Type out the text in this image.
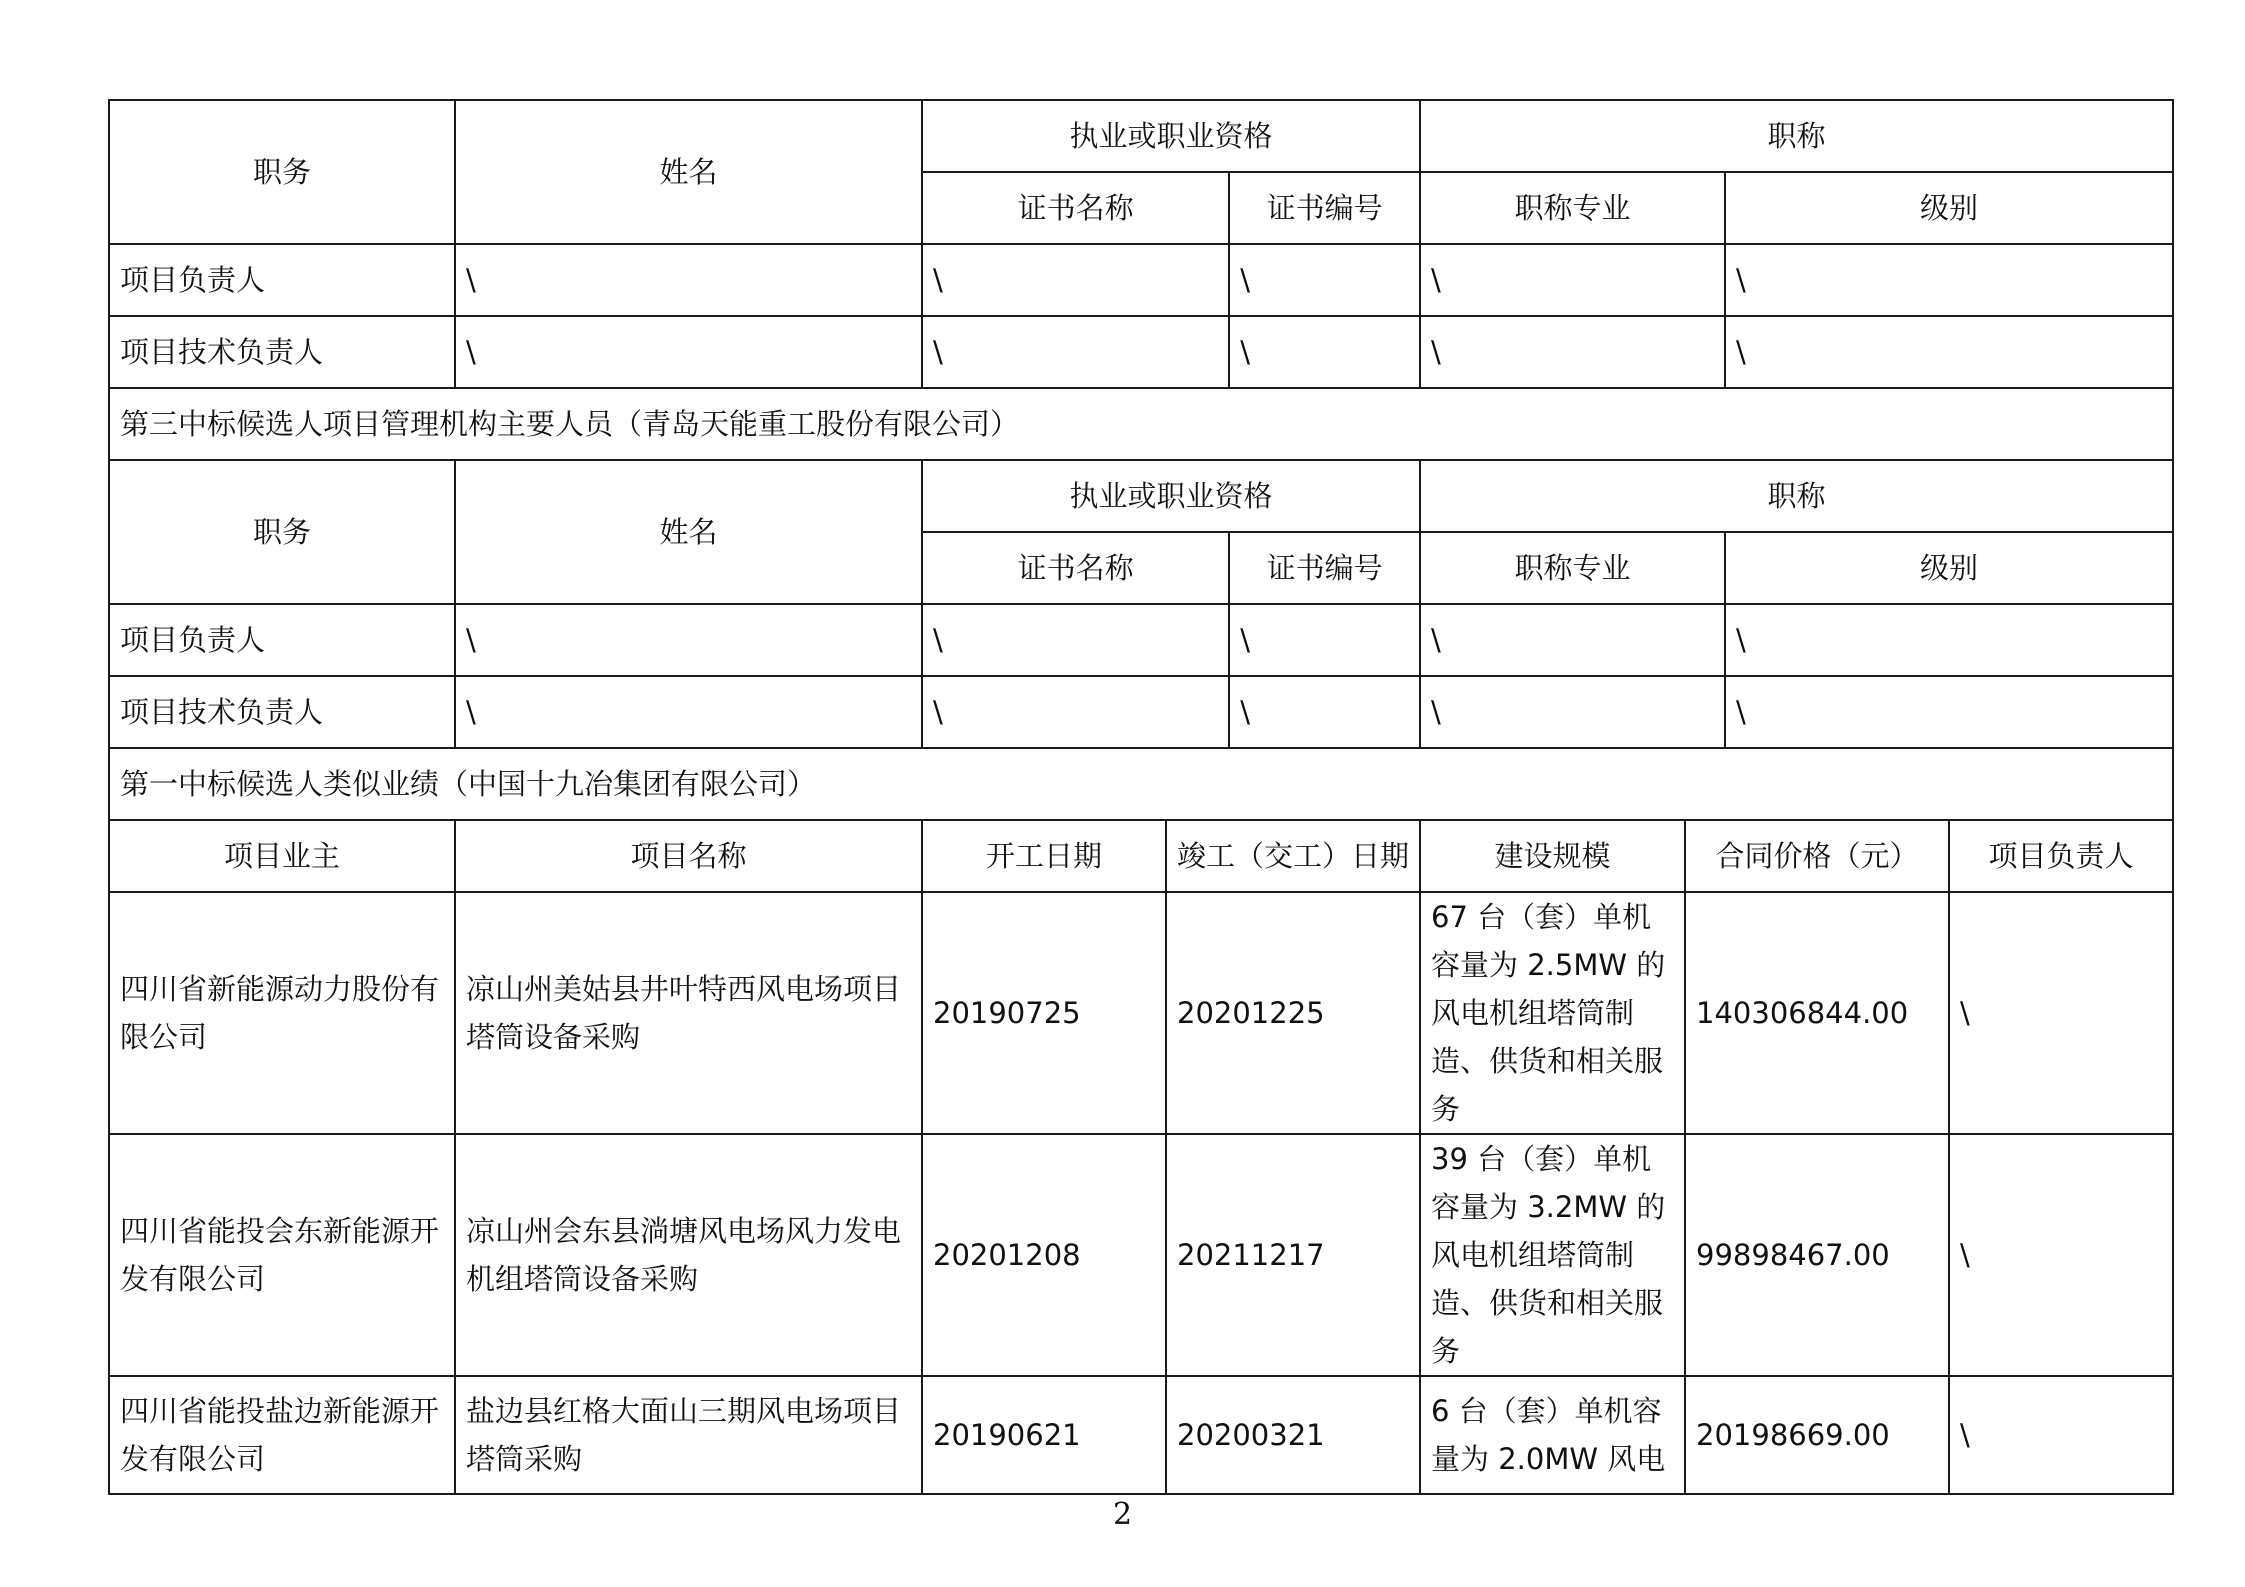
职务	姓名	执业或职业资格			职称			
		证书名称		证书编号	职称专业		级别	
项目负责人	\	\		\	\		\	
项目技术负责人	\	\		\	\		\	
第三中标候选人项目管理机构主要人员（青岛天能重工股份有限公司）								
职务	姓名	执业或职业资格			职称			
		证书名称		证书编号	职称专业		级别	
项目负责人	\	\		\	\		\	
项目技术负责人	\	\		\	\		\	
第一中标候选人类似业绩（中国十九冶集团有限公司）								
项目业主	项目名称	开工日期	竣工（交工）日期		建设规模	合同价格（元）		项目负责人
四川省新能源动力股份有限公司	凉山州美姑县井叶特西风电场项目塔筒设备采购	20190725	20201225		67 台（套）单机容量为 2.5MW 的风电机组塔筒制造、供货和相关服务	140306844.00		\
四川省能投会东新能源开发有限公司	凉山州会东县淌塘风电场风力发电机组塔筒设备采购	20201208	20211217		39 台（套）单机容量为 3.2MW 的风电机组塔筒制造、供货和相关服务	99898467.00		\
四川省能投盐边新能源开发有限公司	盐边县红格大面山三期风电场项目塔筒采购	20190621	20200321		6 台（套）单机容量为 2.0MW 风电	20198669.00		\
2
